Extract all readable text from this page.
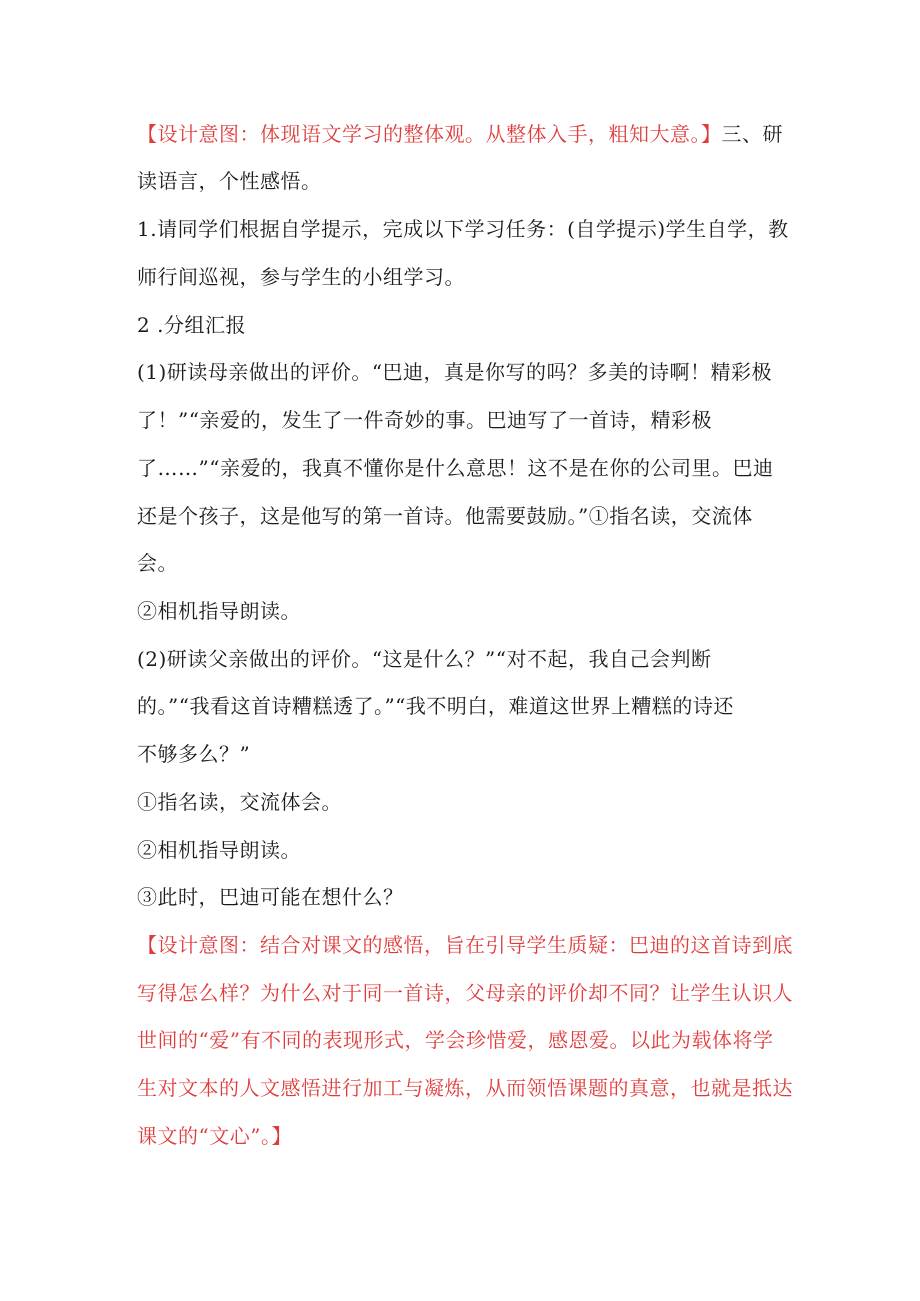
【设计意图：体现语文学习的整体观。从整体入手，粗知大意。】三、研
读语言，个性感悟。
1.请同学们根据自学提示，完成以下学习任务：(自学提示)学生自学，教
师行间巡视，参与学生的小组学习。
2 .分组汇报
(1)研读母亲做出的评价。“巴迪，真是你写的吗？多美的诗啊！精彩极
了！”“亲爱的，发生了一件奇妙的事。巴迪写了一首诗，精彩极
了……”“亲爱的，我真不懂你是什么意思！这不是在你的公司里。巴迪
还是个孩子，这是他写的第一首诗。他需要鼓励。”①指名读，交流体
会。
②相机指导朗读。
(2)研读父亲做出的评价。“这是什么？”“对不起，我自己会判断
的。”“我看这首诗糟糕透了。”“我不明白，难道这世界上糟糕的诗还
不够多么？”
①指名读，交流体会。
②相机指导朗读。
③此时，巴迪可能在想什么？
【设计意图：结合对课文的感悟，旨在引导学生质疑：巴迪的这首诗到底
写得怎么样？为什么对于同一首诗，父母亲的评价却不同？让学生认识人
世间的“爱”有不同的表现形式，学会珍惜爱，感恩爱。以此为载体将学
生对文本的人文感悟进行加工与凝炼，从而领悟课题的真意，也就是抵达
课文的“文心”。】
